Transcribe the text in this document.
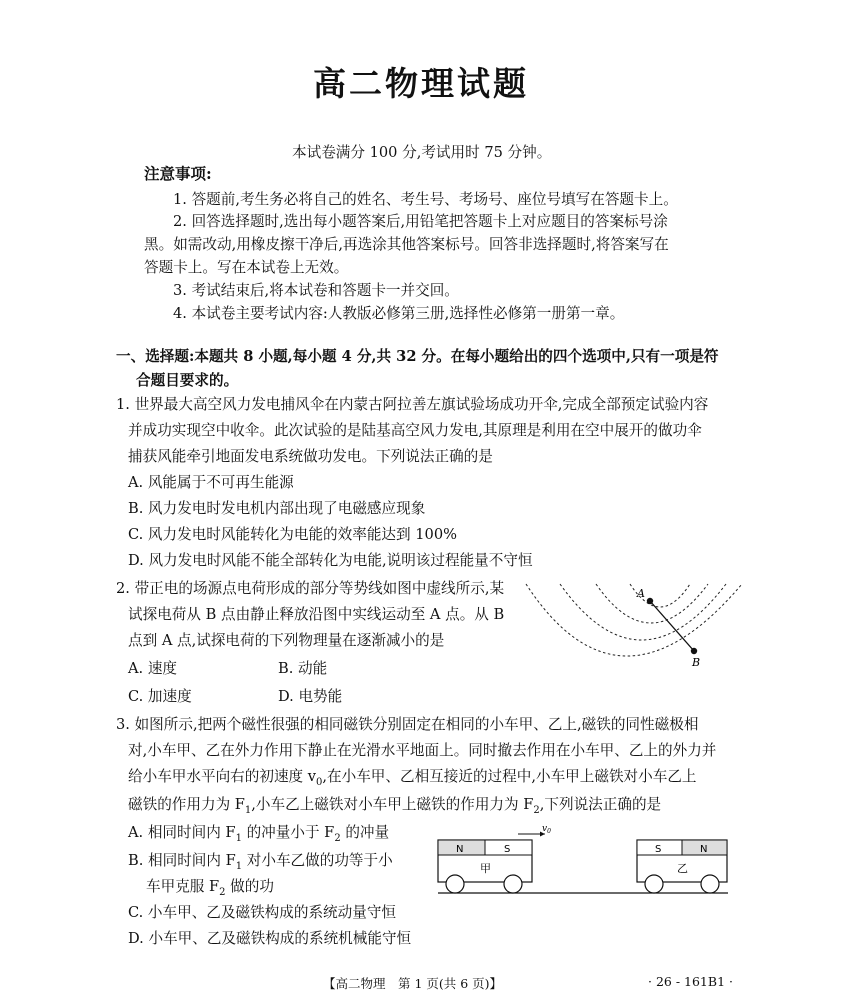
高二物理试题
本试卷满分 100 分,考试用时 75 分钟。
注意事项:
1. 答题前,考生务必将自己的姓名、考生号、考场号、座位号填写在答题卡上。
2. 回答选择题时,选出每小题答案后,用铅笔把答题卡上对应题目的答案标号涂
黑。如需改动,用橡皮擦干净后,再选涂其他答案标号。回答非选择题时,将答案写在
答题卡上。写在本试卷上无效。
3. 考试结束后,将本试卷和答题卡一并交回。
4. 本试卷主要考试内容:人教版必修第三册,选择性必修第一册第一章。
一、选择题:本题共 8 小题,每小题 4 分,共 32 分。在每小题给出的四个选项中,只有一项是符
合题目要求的。
1. 世界最大高空风力发电捕风伞在内蒙古阿拉善左旗试验场成功开伞,完成全部预定试验内容
并成功实现空中收伞。此次试验的是陆基高空风力发电,其原理是利用在空中展开的做功伞
捕获风能牵引地面发电系统做功发电。下列说法正确的是
A. 风能属于不可再生能源
B. 风力发电时发电机内部出现了电磁感应现象
C. 风力发电时风能转化为电能的效率能达到 100%
D. 风力发电时风能不能全部转化为电能,说明该过程能量不守恒
2. 带正电的场源点电荷形成的部分等势线如图中虚线所示,某
试探电荷从 B 点由静止释放沿图中实线运动至 A 点。从 B
点到 A 点,试探电荷的下列物理量在逐渐减小的是
A. 速度	B. 动能
C. 加速度	D. 电势能
A
B
3. 如图所示,把两个磁性很强的相同磁铁分别固定在相同的小车甲、乙上,磁铁的同性磁极相
对,小车甲、乙在外力作用下静止在光滑水平地面上。同时撤去作用在小车甲、乙上的外力并
给小车甲水平向右的初速度 $v_0$,在小车甲、乙相互接近的过程中,小车甲上磁铁对小车乙上
磁铁的作用力为 $F_1$,小车乙上磁铁对小车甲上磁铁的作用力为 $F_2$,下列说法正确的是
A. 相同时间内 $F_1$ 的冲量小于 $F_2$ 的冲量
B. 相同时间内 $F_1$ 对小车乙做的功等于小
车甲克服 $F_2$ 做的功
C. 小车甲、乙及磁铁构成的系统动量守恒
D. 小车甲、乙及磁铁构成的系统机械能守恒
N	S
甲
$v_0$
S	N
乙
【高二物理　第 1 页(共 6 页)】	· 26 - 161B1 ·
